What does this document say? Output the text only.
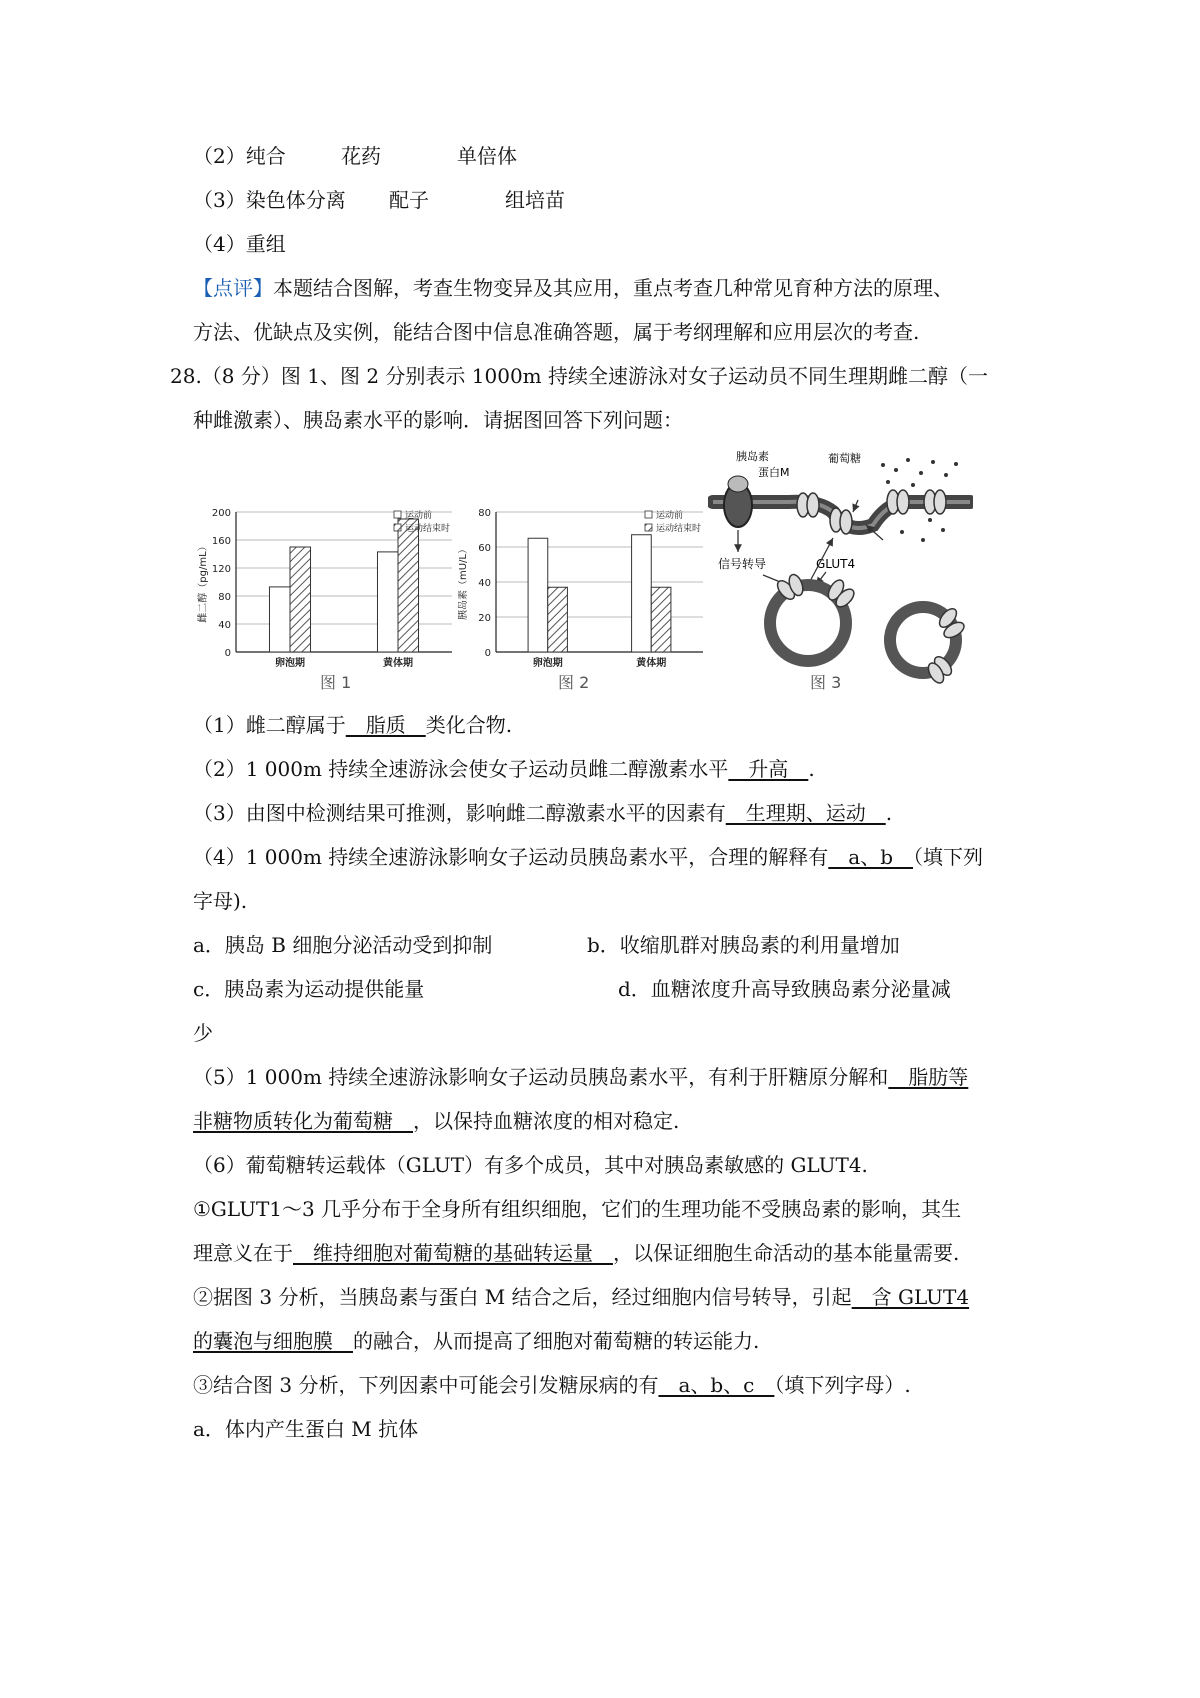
（2）纯合	花药	单倍体
（3）染色体分离 配子	组培苗
（4）重组
【点评】本题结合图解，考查生物变异及其应用，重点考查几种常见育种方法的原理、
方法、优缺点及实例，能结合图中信息准确答题，属于考纲理解和应用层次的考查.
28.（8 分）图 1、图 2 分别表示 1000m 持续全速游泳对女子运动员不同生理期雌二醇（一
种雌激素）、胰岛素水平的影响．请据图回答下列问题：
0
40
80
120
160
200
雌二醇（pg/mL）
卵泡期	黄体期
运动前
运动结束时
图 1
0
20
40
60
80
胰岛素（mU/L）
卵泡期	黄体期
运动前
运动结束时
图 2
胰岛素
蛋白M
葡萄糖
信号转导	GLUT4
图 3
（1）雌二醇属于　脂质　类化合物.
（2）1 000m 持续全速游泳会使女子运动员雌二醇激素水平　升高　.
（3）由图中检测结果可推测，影响雌二醇激素水平的因素有　生理期、运动　.
（4）1 000m 持续全速游泳影响女子运动员胰岛素水平，合理的解释有　a、b　（填下列
字母).
a．胰岛 B 细胞分泌活动受到抑制	b．收缩肌群对胰岛素的利用量增加
c．胰岛素为运动提供能量	d．血糖浓度升高导致胰岛素分泌量减
少
（5）1 000m 持续全速游泳影响女子运动员胰岛素水平，有利于肝糖原分解和　脂肪等
非糖物质转化为葡萄糖　，以保持血糖浓度的相对稳定.
（6）葡萄糖转运载体（GLUT）有多个成员，其中对胰岛素敏感的 GLUT4.
①GLUT1～3 几乎分布于全身所有组织细胞，它们的生理功能不受胰岛素的影响，其生
理意义在于　维持细胞对葡萄糖的基础转运量　，以保证细胞生命活动的基本能量需要.
②据图 3 分析，当胰岛素与蛋白 M 结合之后，经过细胞内信号转导，引起　含 GLUT4
的囊泡与细胞膜　的融合，从而提高了细胞对葡萄糖的转运能力.
③结合图 3 分析，下列因素中可能会引发糖尿病的有　a、b、c　（填下列字母）.
a．体内产生蛋白 M 抗体
